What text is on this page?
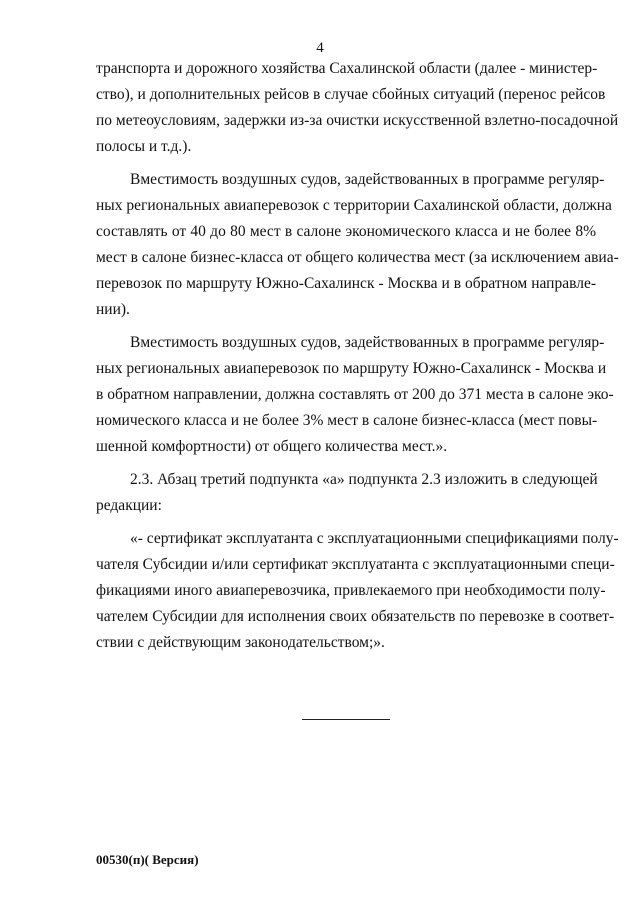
4
транспорта и дорожного хозяйства Сахалинской области (далее - министер-
ство), и дополнительных рейсов в случае сбойных ситуаций (перенос рейсов
по метеоусловиям, задержки из-за очистки искусственной взлетно-посадочной
полосы и т.д.).
Вместимость воздушных судов, задействованных в программе регуляр-
ных региональных авиаперевозок с территории Сахалинской области, должна
составлять от 40 до 80 мест в салоне экономического класса и не более 8%
мест в салоне бизнес-класса от общего количества мест (за исключением авиа-
перевозок по маршруту Южно-Сахалинск - Москва и в обратном направле-
нии).
Вместимость воздушных судов, задействованных в программе регуляр-
ных региональных авиаперевозок по маршруту Южно-Сахалинск - Москва и
в обратном направлении, должна составлять от 200 до 371 места в салоне эко-
номического класса и не более 3% мест в салоне бизнес-класса (мест повы-
шенной комфортности) от общего количества мест.».
2.3. Абзац третий подпункта «а» подпункта 2.3 изложить в следующей
редакции:
«- сертификат эксплуатанта с эксплуатационными спецификациями полу-
чателя Субсидии и/или сертификат эксплуатанта с эксплуатационными специ-
фикациями иного авиаперевозчика, привлекаемого при необходимости полу-
чателем Субсидии для исполнения своих обязательств по перевозке в соответ-
ствии с действующим законодательством;».
00530(п)( Версия)
